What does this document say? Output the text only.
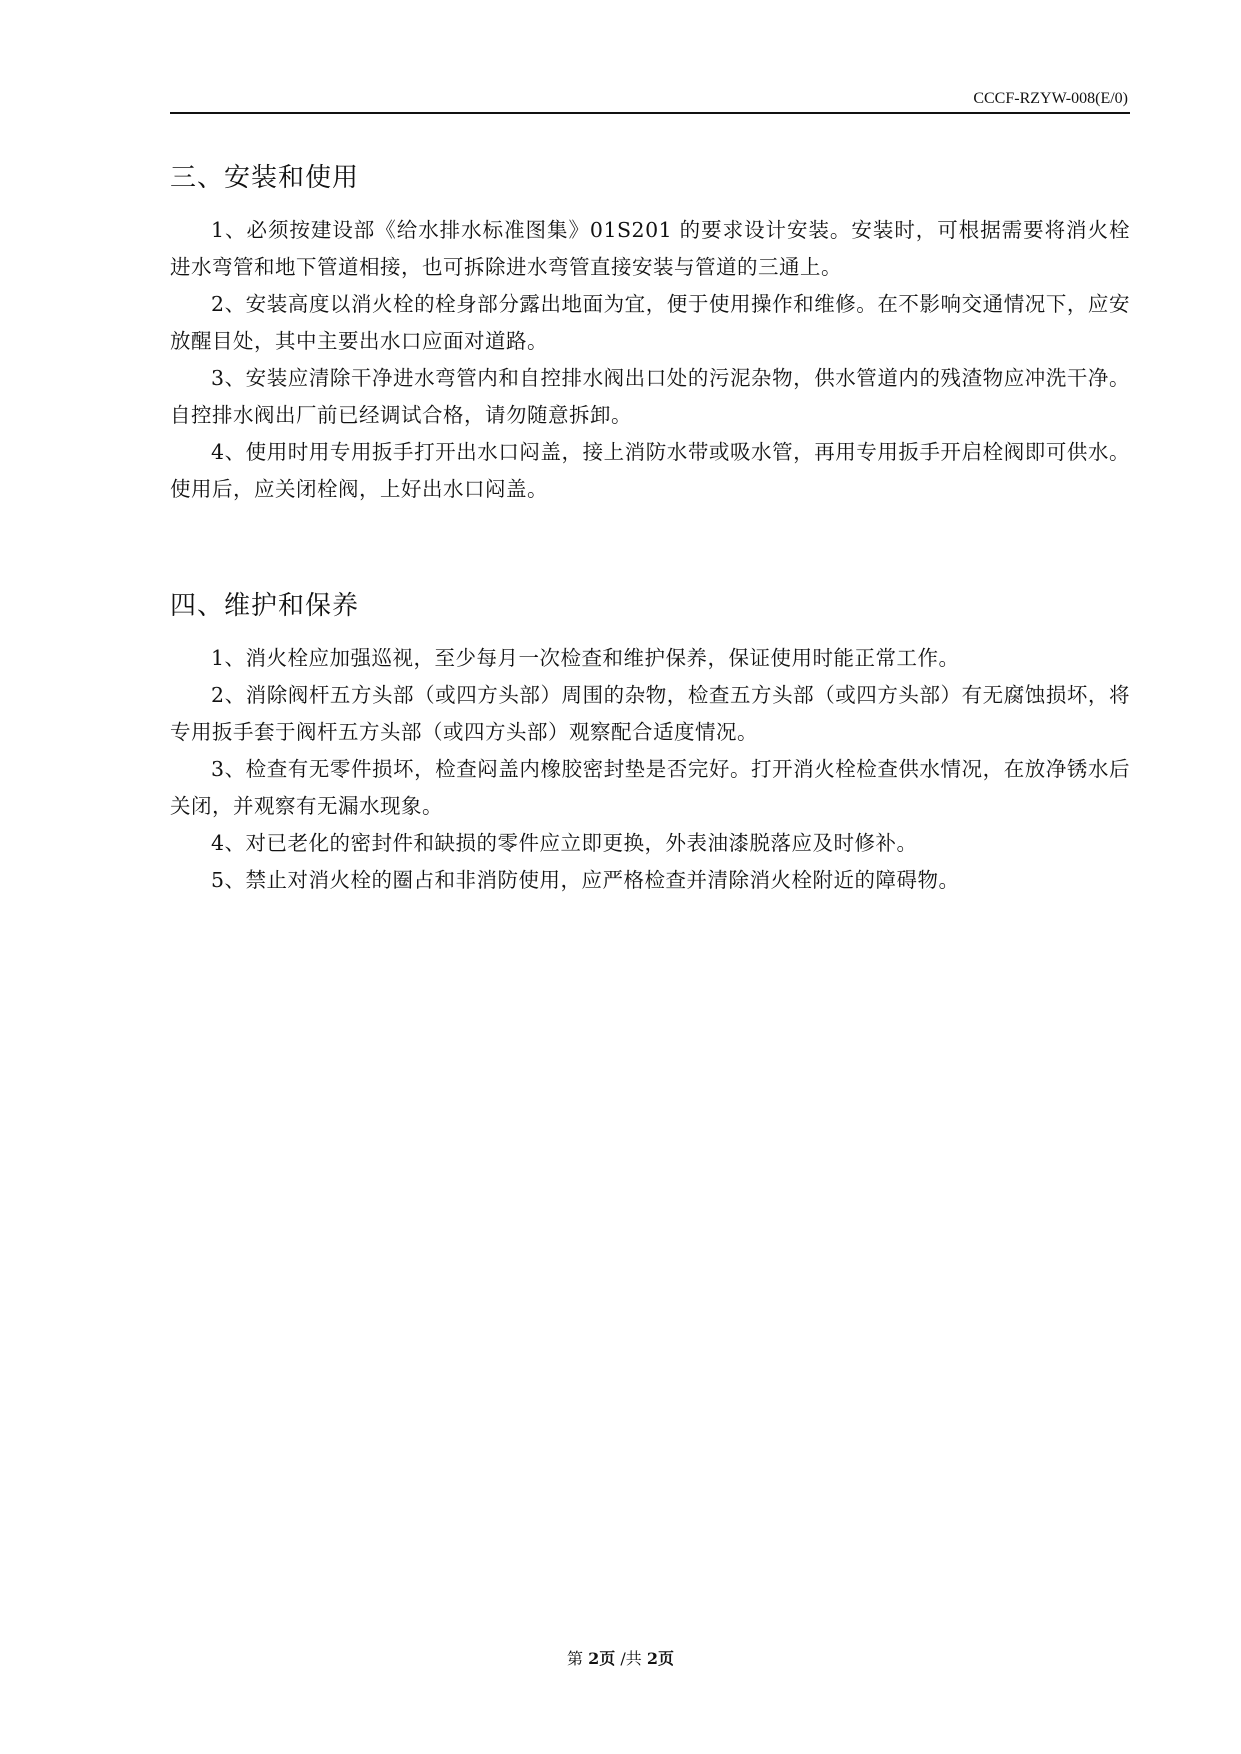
CCCF-RZYW-008(E/0)
三、安装和使用

1、必须按建设部《给水排水标准图集》01S201 的要求设计安装。安装时，可根据需要将消火栓进水弯管和地下管道相接，也可拆除进水弯管直接安装与管道的三通上。

2、安装高度以消火栓的栓身部分露出地面为宜，便于使用操作和维修。在不影响交通情况下，应安放醒目处，其中主要出水口应面对道路。

3、安装应清除干净进水弯管内和自控排水阀出口处的污泥杂物，供水管道内的残渣物应冲洗干净。自控排水阀出厂前已经调试合格，请勿随意拆卸。

4、使用时用专用扳手打开出水口闷盖，接上消防水带或吸水管，再用专用扳手开启栓阀即可供水。使用后，应关闭栓阀，上好出水口闷盖。

四、维护和保养

1、消火栓应加强巡视，至少每月一次检查和维护保养，保证使用时能正常工作。

2、消除阀杆五方头部（或四方头部）周围的杂物，检查五方头部（或四方头部）有无腐蚀损坏，将专用扳手套于阀杆五方头部（或四方头部）观察配合适度情况。

3、检查有无零件损坏，检查闷盖内橡胶密封垫是否完好。打开消火栓检查供水情况，在放净锈水后关闭，并观察有无漏水现象。

4、对已老化的密封件和缺损的零件应立即更换，外表油漆脱落应及时修补。

5、禁止对消火栓的圈占和非消防使用，应严格检查并清除消火栓附近的障碍物。

第 2页 /共 2页
